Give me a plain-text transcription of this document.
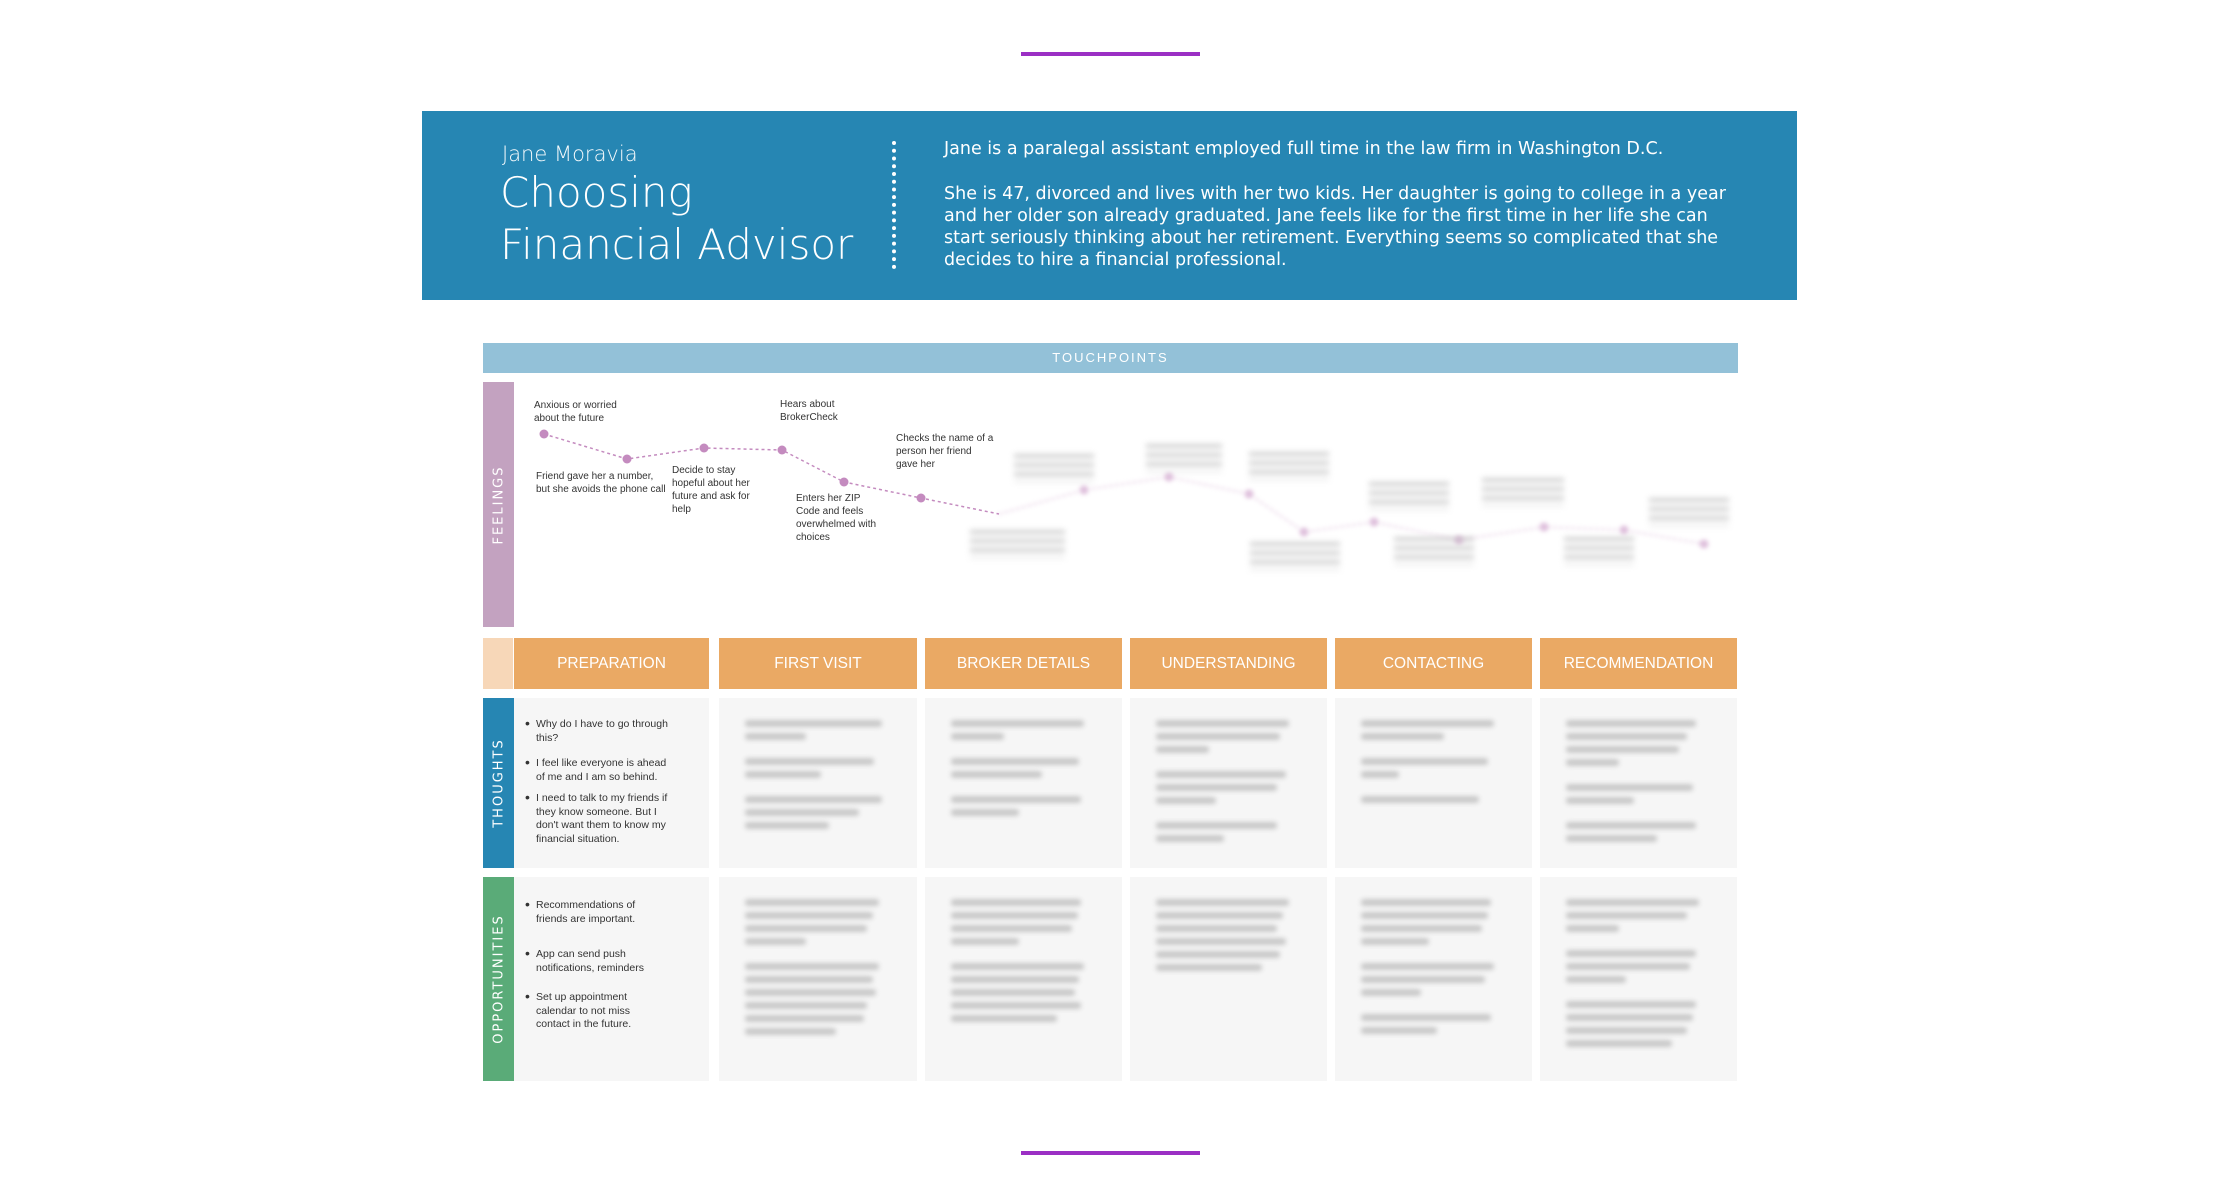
Jane Moravia
Choosing Financial Advisor

Jane is a paralegal assistant employed full time in the law firm in Washington D.C.

She is 47, divorced and lives with her two kids. Her daughter is going to college in a year and her older son already graduated. Jane feels like for the first time in her life she can start seriously thinking about her retirement. Everything seems so complicated that she decides to hire a financial professional.

TOUCHPOINTS
FEELINGS
Anxious or worried about the future
Friend gave her a number, but she avoids the phone call
Decide to stay hopeful about her future and ask for help
Hears about BrokerCheck
Enters her ZIP Code and feels overwhelmed with choices
Checks the name of a person her friend gave her
PREPARATION	FIRST VISIT	BROKER DETAILS	UNDERSTANDING	CONTACTING	RECOMMENDATION
THOUGHTS
• Why do I have to go through this?
• I feel like everyone is ahead of me and I am so behind.
• I need to talk to my friends if they know someone. But I don't want them to know my financial situation.
OPPORTUNITIES
• Recommendations of friends are important.
• App can send push notifications, reminders
• Set up appointment calendar to not miss contact in the future.
